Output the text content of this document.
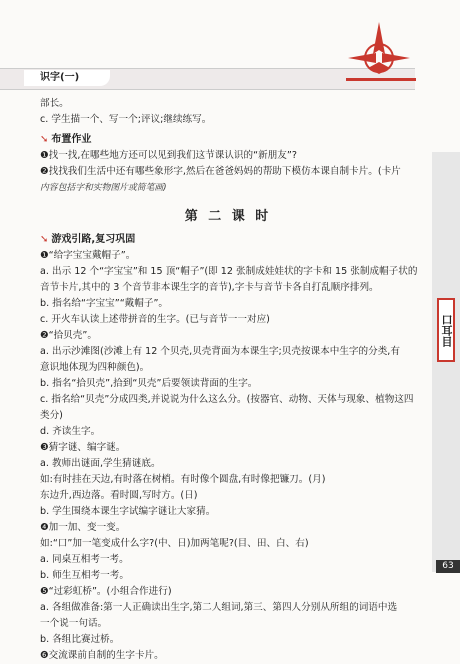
识字(一)
口耳目
63

部长。

c. 学生描一个、写一个;评议;继续练写。

➘ 布置作业

❶找一找,在哪些地方还可以见到我们这节课认识的“新朋友”?

❷找找我们生活中还有哪些象形字,然后在爸爸妈妈的帮助下模仿本课自制卡片。(卡片

内容包括字和实物图片或简笔画)

第 二 课 时

➘ 游戏引路,复习巩固

❶“给字宝宝戴帽子”。

a. 出示 12 个“字宝宝”和 15 顶“帽子”(即 12 张制成娃娃状的字卡和 15 张制成帽子状的

音节卡片,其中的 3 个音节非本课生字的音节),字卡与音节卡各自打乱顺序排列。

b. 指名给“字宝宝”“戴帽子”。

c. 开火车认读上述带拼音的生字。(已与音节一一对应)

❷“拾贝壳”。

a. 出示沙滩图(沙滩上有 12 个贝壳,贝壳背面为本课生字;贝壳按课本中生字的分类,有

意识地体现为四种颜色)。

b. 指名“拾贝壳”,拾到“贝壳”后要领读背面的生字。

c. 指名给“贝壳”分成四类,并说说为什么这么分。(按器官、动物、天体与现象、植物这四

类分)

d. 齐读生字。

❸猜字谜、编字谜。

a. 教师出谜面,学生猜谜底。

如:有时挂在天边,有时落在树梢。有时像个圆盘,有时像把镰刀。(月)

东边升,西边落。看时圆,写时方。(日)

b. 学生围绕本课生字试编字谜让大家猜。

❹加一加、变一变。

如:“口”加一笔变成什么字?(中、日)加两笔呢?(目、田、白、右)

a. 同桌互相考一考。

b. 师生互相考一考。

❺“过彩虹桥”。(小组合作进行)

a. 各组做准备:第一人正确读出生字,第二人组词,第三、第四人分别从所组的词语中选

一个说一句话。

b. 各组比赛过桥。

❻交流课前自制的生字卡片。
